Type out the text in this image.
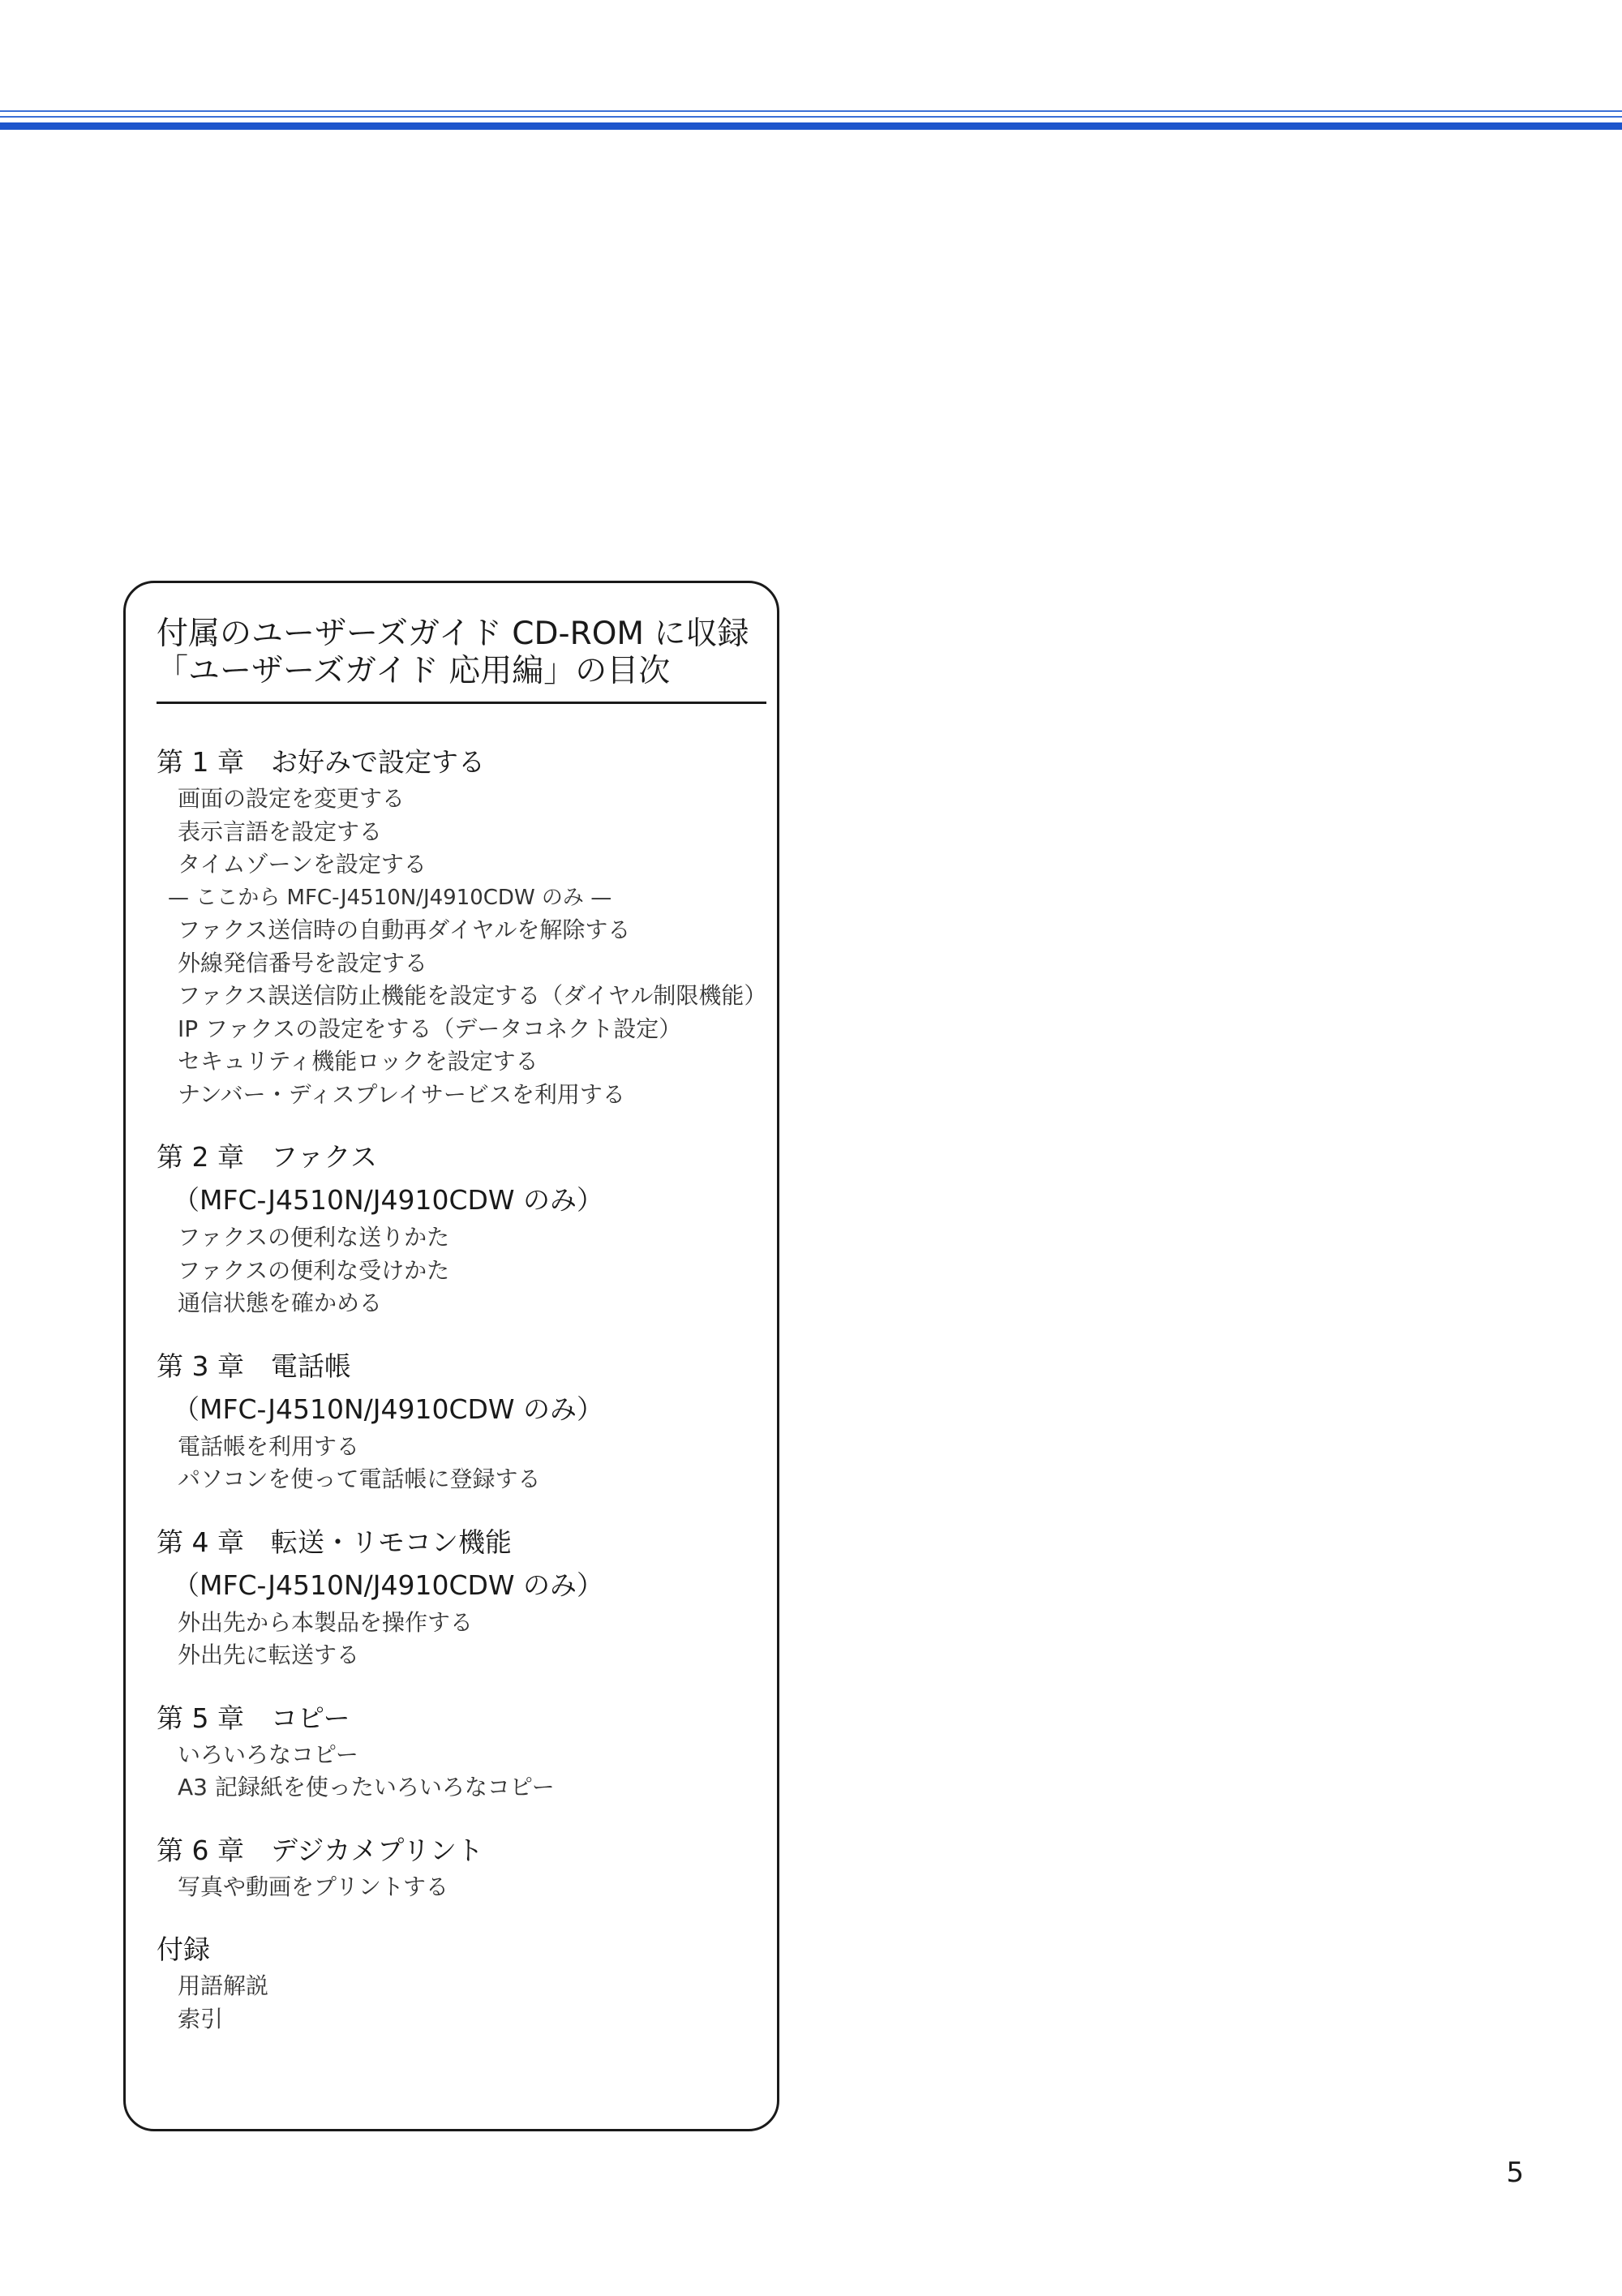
付属のユーザーズガイド CD-ROM に収録
「ユーザーズガイド 応用編」の目次
第 1 章　お好みで設定する
画面の設定を変更する
表示言語を設定する
タイムゾーンを設定する
— ここから MFC-J4510N/J4910CDW のみ —
ファクス送信時の自動再ダイヤルを解除する
外線発信番号を設定する
ファクス誤送信防止機能を設定する（ダイヤル制限機能）
IP ファクスの設定をする（データコネクト設定）
セキュリティ機能ロックを設定する
ナンバー・ディスプレイサービスを利用する
第 2 章　ファクス
（MFC-J4510N/J4910CDW のみ）
ファクスの便利な送りかた
ファクスの便利な受けかた
通信状態を確かめる
第 3 章　電話帳
（MFC-J4510N/J4910CDW のみ）
電話帳を利用する
パソコンを使って電話帳に登録する
第 4 章　転送・リモコン機能
（MFC-J4510N/J4910CDW のみ）
外出先から本製品を操作する
外出先に転送する
第 5 章　コピー
いろいろなコピー
A3 記録紙を使ったいろいろなコピー
第 6 章　デジカメプリント
写真や動画をプリントする
付録
用語解説
索引
5
